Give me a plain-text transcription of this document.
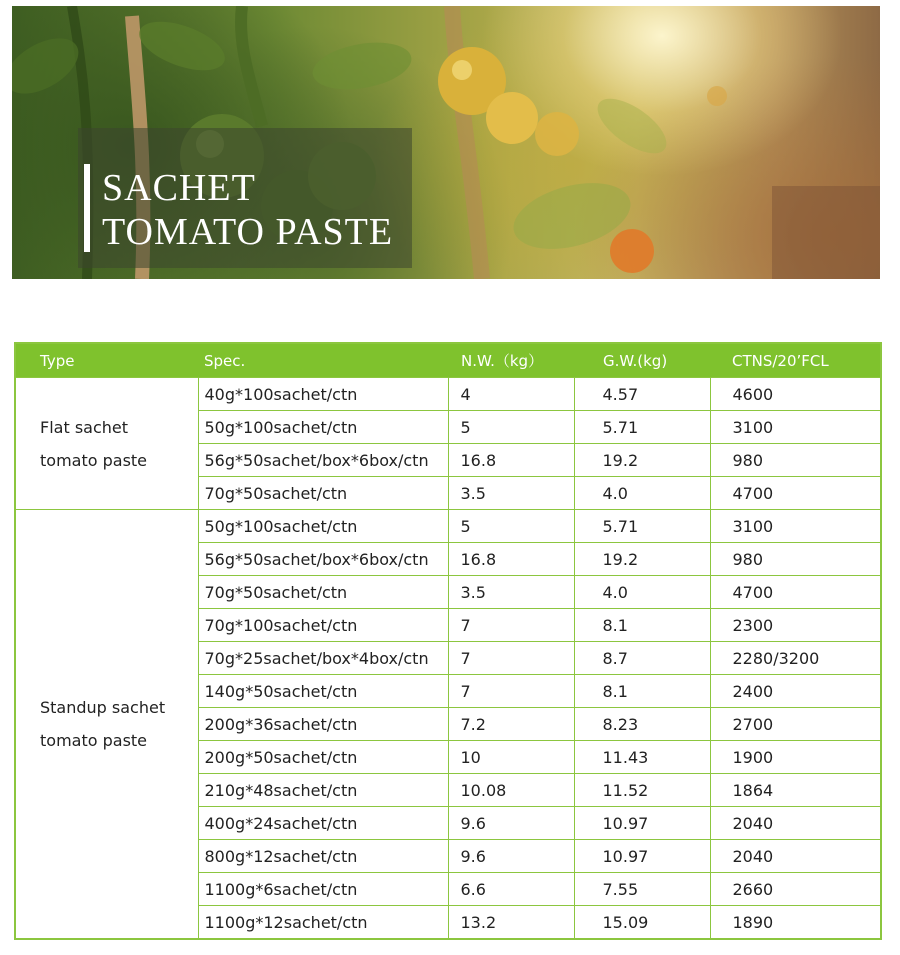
SACHET
TOMATO PASTE
Type	Spec.	N.W.（kg）	G.W.(kg)	CTNS/20’FCL

Flat sachet
tomato paste	40g*100sachet/ctn	4	4.57	4600
	50g*100sachet/ctn	5	5.71	3100
	56g*50sachet/box*6box/ctn	16.8	19.2	980
	70g*50sachet/ctn	3.5	4.0	4700

Standup sachet
tomato paste	50g*100sachet/ctn	5	5.71	3100
	56g*50sachet/box*6box/ctn	16.8	19.2	980
	70g*50sachet/ctn	3.5	4.0	4700
	70g*100sachet/ctn	7	8.1	2300
	70g*25sachet/box*4box/ctn	7	8.7	2280/3200
	140g*50sachet/ctn	7	8.1	2400
	200g*36sachet/ctn	7.2	8.23	2700
	200g*50sachet/ctn	10	11.43	1900
	210g*48sachet/ctn	10.08	11.52	1864
	400g*24sachet/ctn	9.6	10.97	2040
	800g*12sachet/ctn	9.6	10.97	2040
	1100g*6sachet/ctn	6.6	7.55	2660
	1100g*12sachet/ctn	13.2	15.09	1890
